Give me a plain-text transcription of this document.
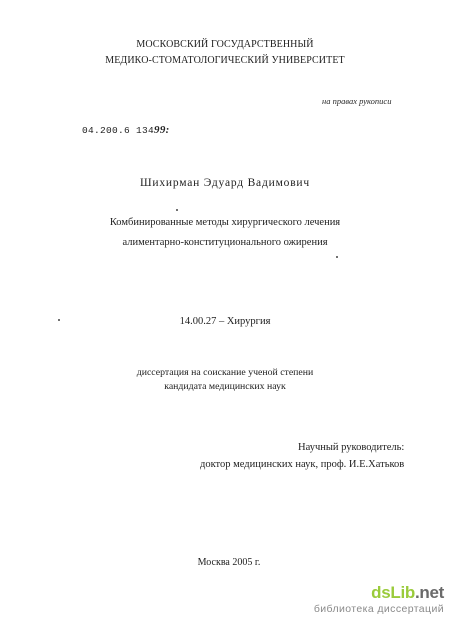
МОСКОВСКИЙ ГОСУДАРСТВЕННЫЙ
МЕДИКО-СТОМАТОЛОГИЧЕСКИЙ УНИВЕРСИТЕТ
на правах рукописи
04.200.6 13499:
Шихирман Эдуард Вадимович
Комбинированные методы хирургического лечения
алиментарно-конституционального ожирения
14.00.27 – Хирургия
диссертация на соискание ученой степени
кандидата медицинских наук
Научный руководитель:
доктор медицинских наук, проф. И.Е.Хатьков
Москва 2005 г.
dsLib.net
библиотека диссертаций
